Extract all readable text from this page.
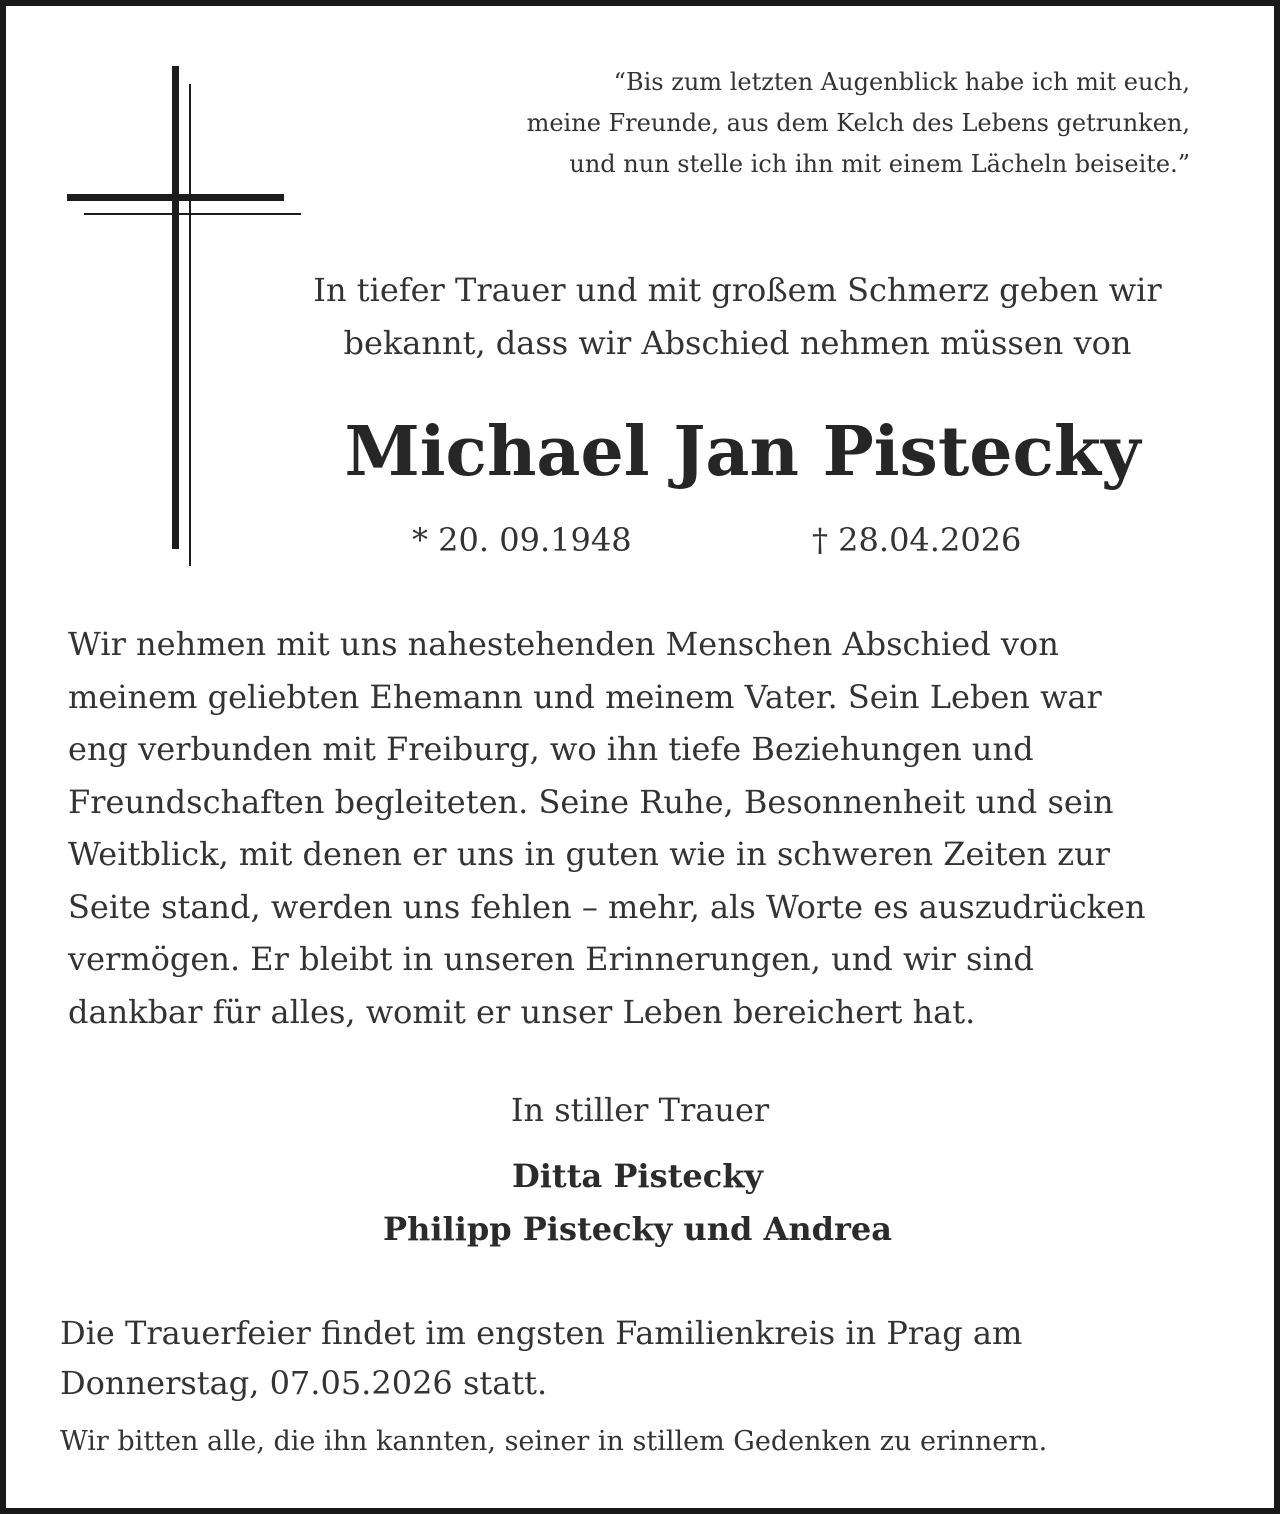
“Bis zum letzten Augenblick habe ich mit euch,
meine Freunde, aus dem Kelch des Lebens getrunken,
und nun stelle ich ihn mit einem Lächeln beiseite.”

In tiefer Trauer und mit großem Schmerz geben wir
bekannt, dass wir Abschied nehmen müssen von

Michael Jan Pistecky
* 20. 09.1948	† 28.04.2026

Wir nehmen mit uns nahestehenden Menschen Abschied von
meinem geliebten Ehemann und meinem Vater. Sein Leben war
eng verbunden mit Freiburg, wo ihn tiefe Beziehungen und
Freundschaften begleiteten. Seine Ruhe, Besonnenheit und sein
Weitblick, mit denen er uns in guten wie in schweren Zeiten zur
Seite stand, werden uns fehlen – mehr, als Worte es auszudrücken
vermögen. Er bleibt in unseren Erinnerungen, und wir sind
dankbar für alles, womit er unser Leben bereichert hat.

In stiller Trauer
Ditta Pistecky
Philipp Pistecky und Andrea

Die Trauerfeier findet im engsten Familienkreis in Prag am
Donnerstag, 07.05.2026 statt.

Wir bitten alle, die ihn kannten, seiner in stillem Gedenken zu erinnern.
